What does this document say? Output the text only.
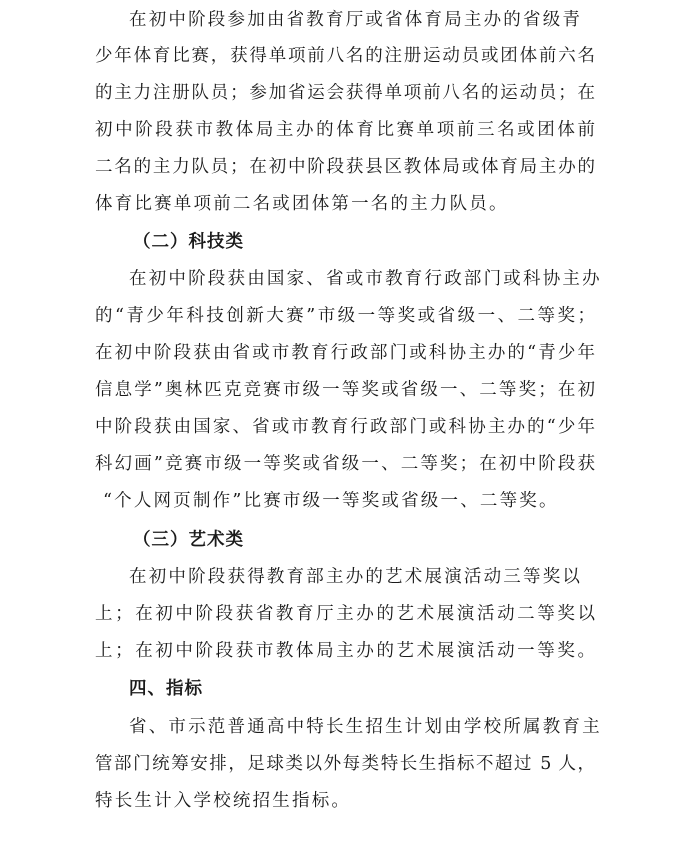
在初中阶段参加由省教育厅或省体育局主办的省级青
少年体育比赛，获得单项前八名的注册运动员或团体前六名
的主力注册队员；参加省运会获得单项前八名的运动员；在
初中阶段获市教体局主办的体育比赛单项前三名或团体前
二名的主力队员；在初中阶段获县区教体局或体育局主办的
体育比赛单项前二名或团体第一名的主力队员。
（二）科技类
在初中阶段获由国家、省或市教育行政部门或科协主办
的“青少年科技创新大赛”市级一等奖或省级一、二等奖；
在初中阶段获由省或市教育行政部门或科协主办的“青少年
信息学”奥林匹克竞赛市级一等奖或省级一、二等奖；在初
中阶段获由国家、省或市教育行政部门或科协主办的“少年
科幻画”竞赛市级一等奖或省级一、二等奖；在初中阶段获
“个人网页制作”比赛市级一等奖或省级一、二等奖。
（三）艺术类
在初中阶段获得教育部主办的艺术展演活动三等奖以
上；在初中阶段获省教育厅主办的艺术展演活动二等奖以
上；在初中阶段获市教体局主办的艺术展演活动一等奖。
四、指标
省、市示范普通高中特长生招生计划由学校所属教育主
管部门统筹安排，足球类以外每类特长生指标不超过 5 人，
特长生计入学校统招生指标。
